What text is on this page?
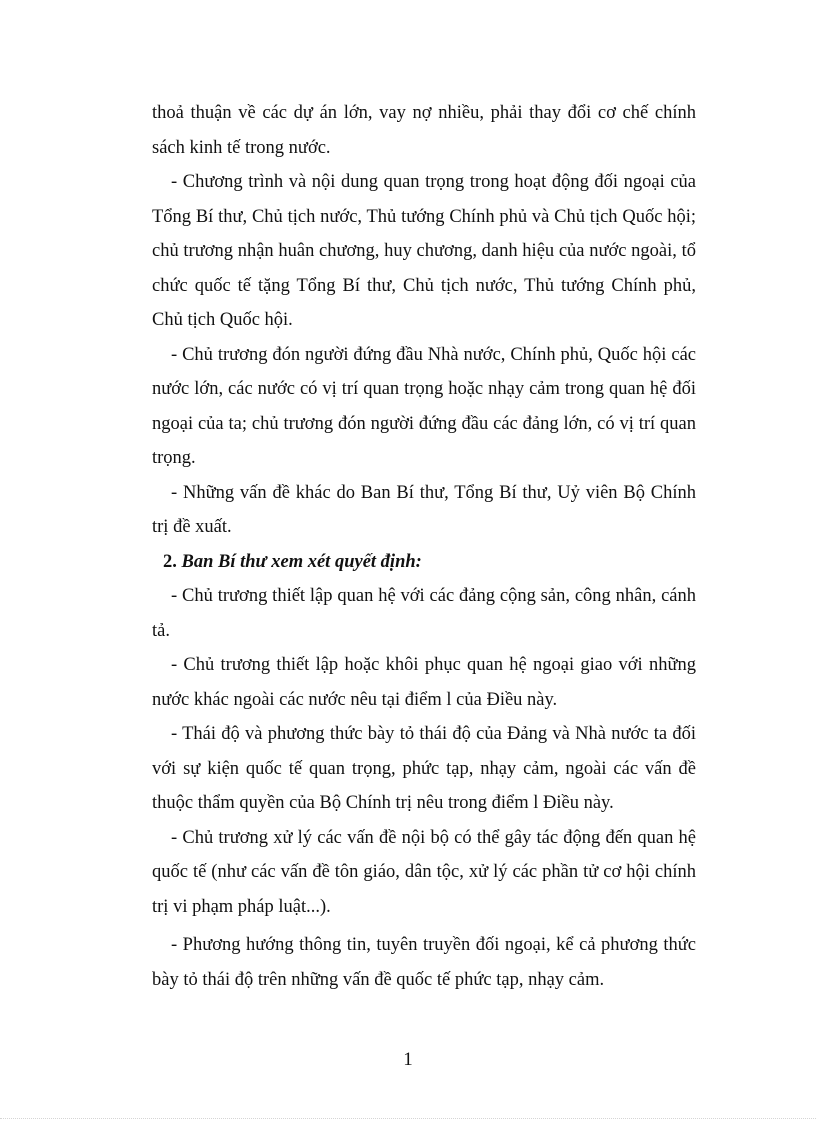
thoả thuận về các dự án lớn, vay nợ nhiều, phải thay đổi cơ chế chính sách kinh tế trong nước.

- Chương trình và nội dung quan trọng trong hoạt động đối ngoại của Tổng Bí thư, Chủ tịch nước, Thủ tướng Chính phủ và Chủ tịch Quốc hội; chủ trương nhận huân chương, huy chương, danh hiệu của nước ngoài, tổ chức quốc tế tặng Tổng Bí thư, Chủ tịch nước, Thủ tướng Chính phủ, Chủ tịch Quốc hội.

- Chủ trương đón người đứng đầu Nhà nước, Chính phủ, Quốc hội các nước lớn, các nước có vị trí quan trọng hoặc nhạy cảm trong quan hệ đối ngoại của ta; chủ trương đón người đứng đầu các đảng lớn, có vị trí quan trọng.

- Những vấn đề khác do Ban Bí thư, Tổng Bí thư, Uỷ viên Bộ Chính trị đề xuất.

2. Ban Bí thư xem xét quyết định:

- Chủ trương thiết lập quan hệ với các đảng cộng sản, công nhân, cánh tả.

- Chủ trương thiết lập hoặc khôi phục quan hệ ngoại giao với những nước khác ngoài các nước nêu tại điểm l của Điều này.

- Thái độ và phương thức bày tỏ thái độ của Đảng và Nhà nước ta đối với sự kiện quốc tế quan trọng, phức tạp, nhạy cảm, ngoài các vấn đề thuộc thẩm quyền của Bộ Chính trị nêu trong điểm l Điều này.

- Chủ trương xử lý các vấn đề nội bộ có thể gây tác động đến quan hệ quốc tế (như các vấn đề tôn giáo, dân tộc, xử lý các phần tử cơ hội chính trị vi phạm pháp luật...).

- Phương hướng thông tin, tuyên truyền đối ngoại, kể cả phương thức bày tỏ thái độ trên những vấn đề quốc tế phức tạp, nhạy cảm.

1
